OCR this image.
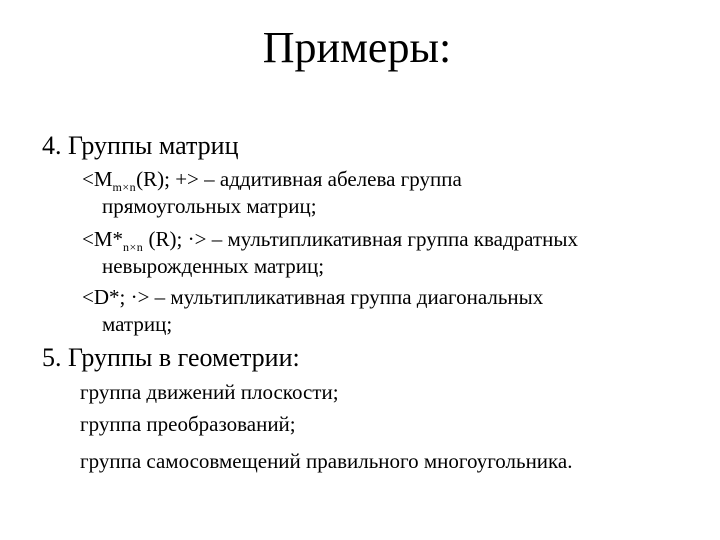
Примеры:
4. Группы матриц
$<M_{m\times n}(R)$; +> – аддитивная абелева группа
прямоугольных матриц;
$<M*_{n\times n}$ (R); ·> – мультипликативная группа квадратных
невырожденных матриц;
<D*; ·> – мультипликативная группа диагональных
матриц;
5. Группы в геометрии:
группа движений плоскости;
группа преобразований;
группа самосовмещений правильного многоугольника.
